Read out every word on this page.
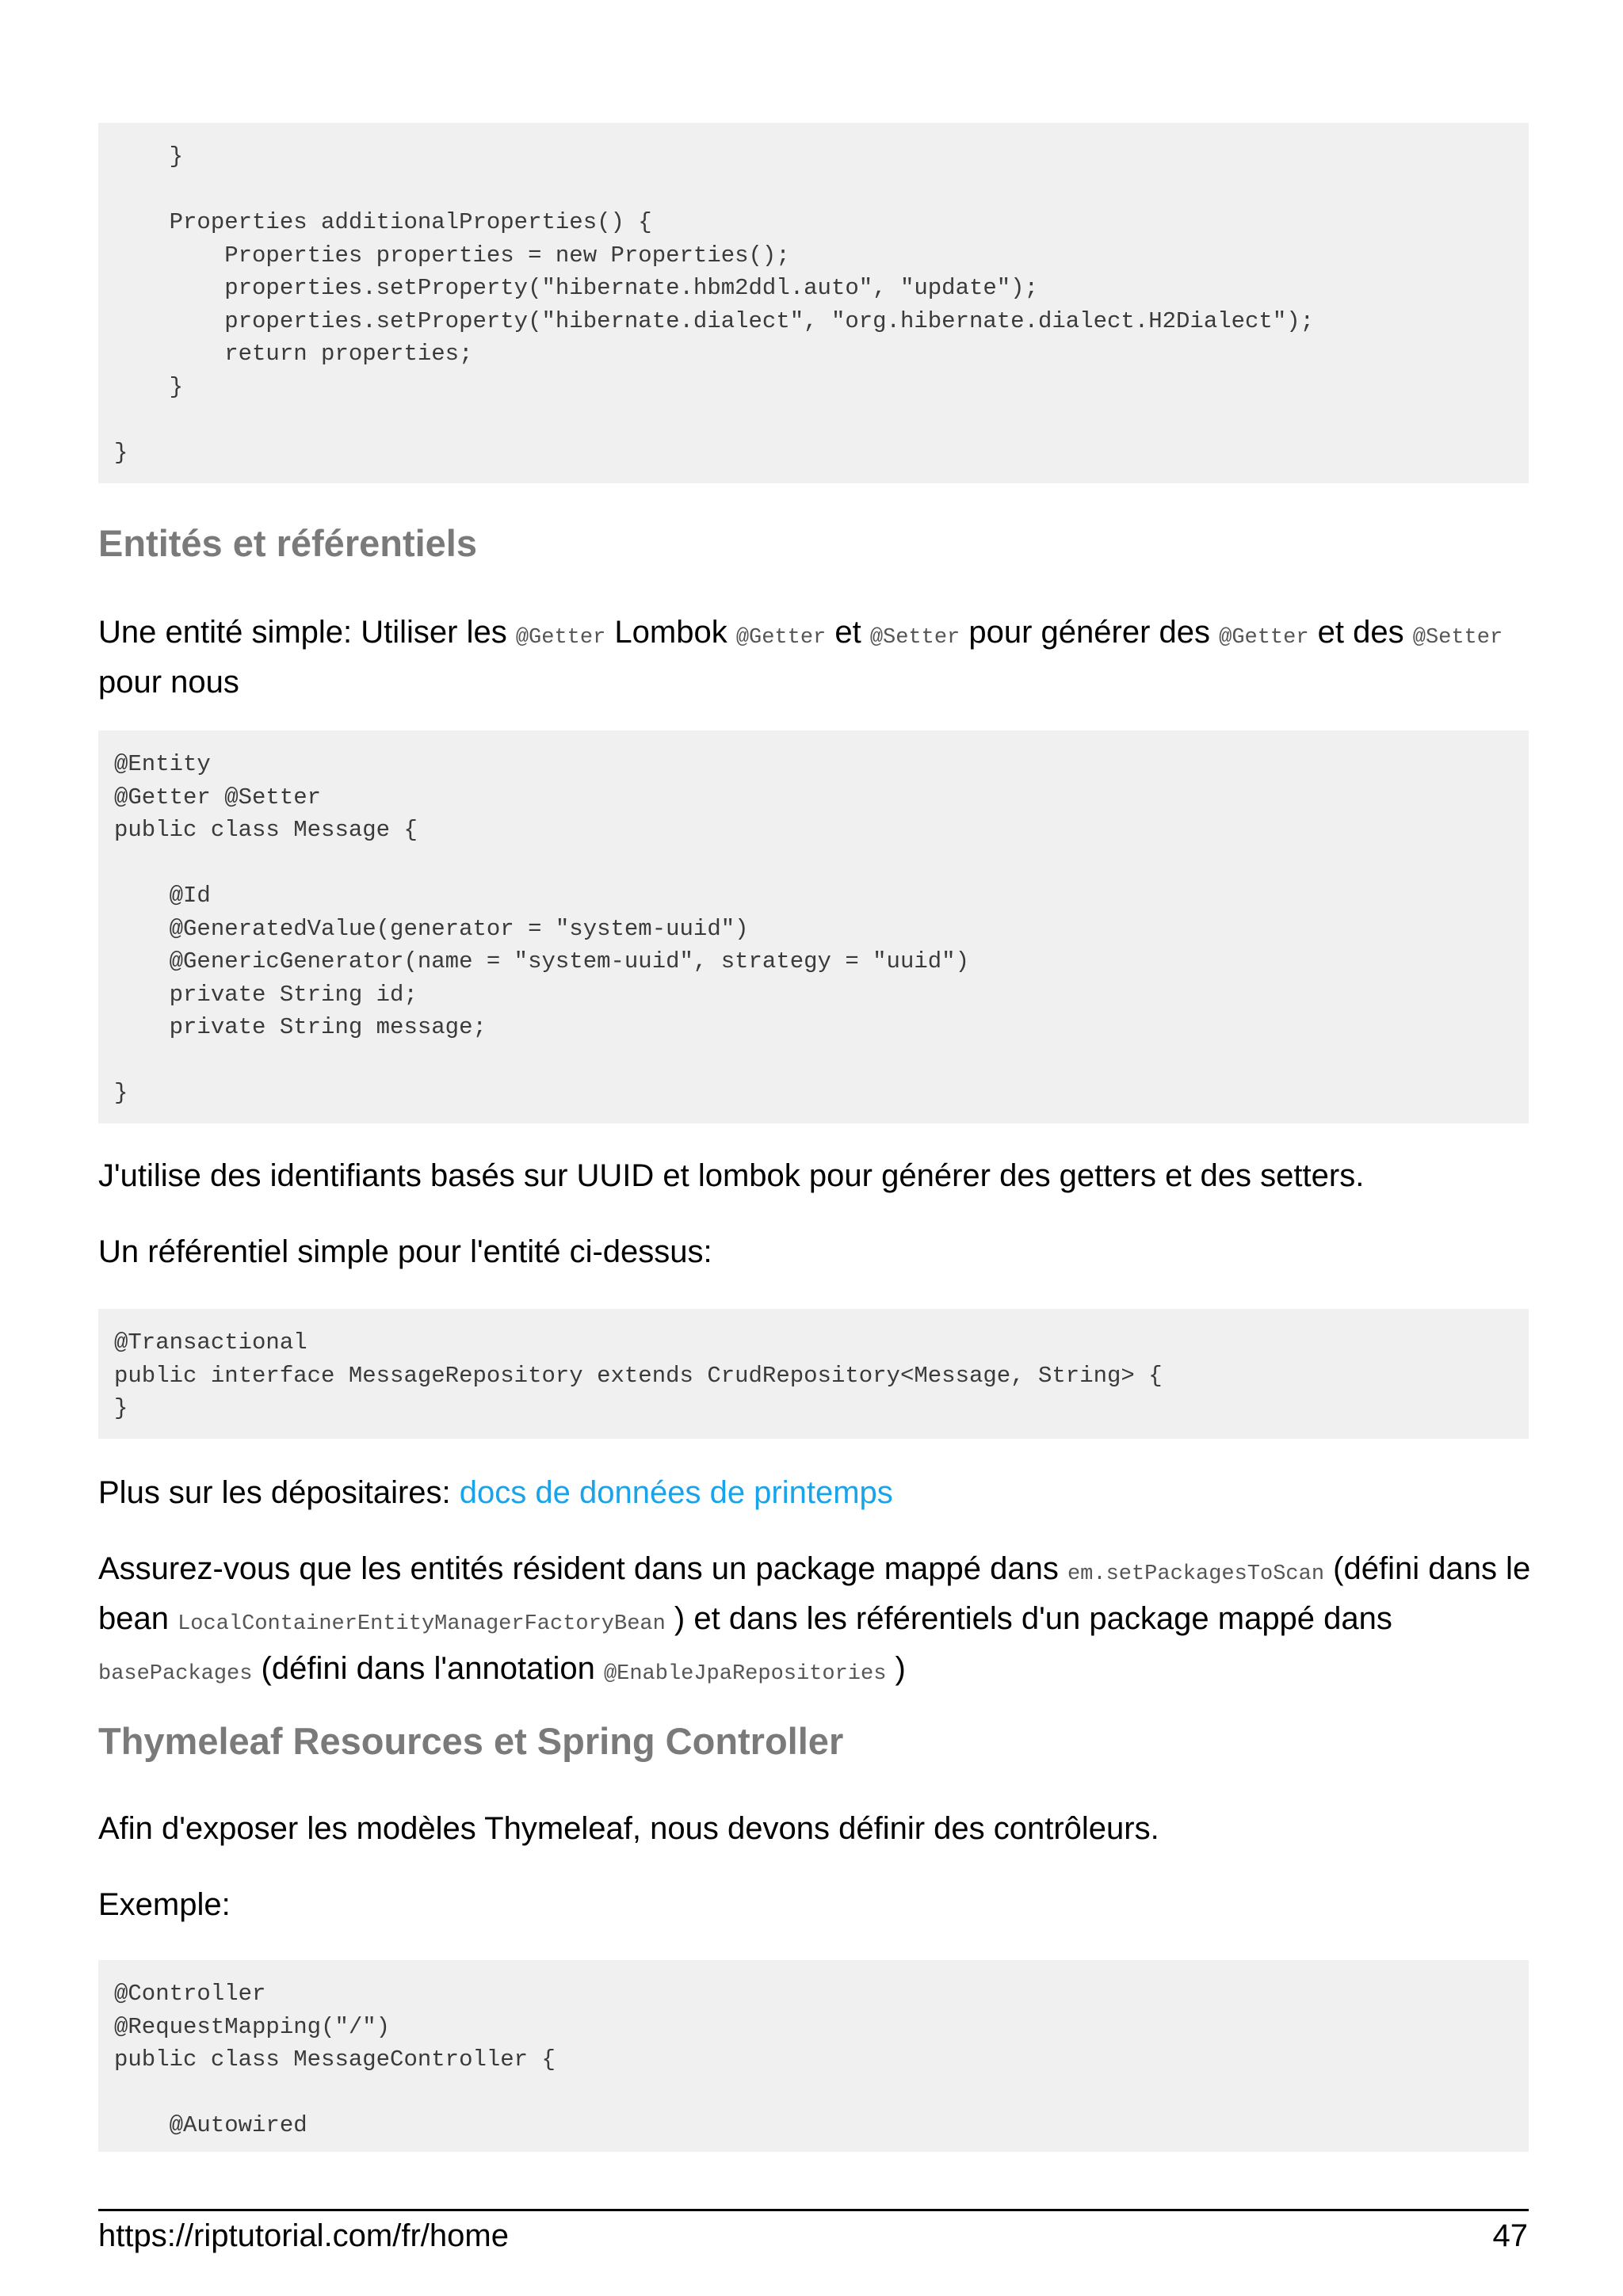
}

Properties additionalProperties() {
Properties properties = new Properties();
properties.setProperty("hibernate.hbm2ddl.auto", "update");
properties.setProperty("hibernate.dialect", "org.hibernate.dialect.H2Dialect");
return properties;
}

}
Entités et référentiels

Une entité simple: Utiliser les @Getter Lombok @Getter et @Setter pour générer des @Getter et des @Setter pour nous

@Entity
@Getter @Setter
public class Message {

@Id
@GeneratedValue(generator = "system-uuid")
@GenericGenerator(name = "system-uuid", strategy = "uuid")
private String id;
private String message;

}

J'utilise des identifiants basés sur UUID et lombok pour générer des getters et des setters.

Un référentiel simple pour l'entité ci-dessus:

@Transactional
public interface MessageRepository extends CrudRepository<Message, String> {
}

Plus sur les dépositaires: docs de données de printemps

Assurez-vous que les entités résident dans un package mappé dans em.setPackagesToScan (défini dans le bean LocalContainerEntityManagerFactoryBean ) et dans les référentiels d'un package mappé dans basePackages (défini dans l'annotation @EnableJpaRepositories )

Thymeleaf Resources et Spring Controller

Afin d'exposer les modèles Thymeleaf, nous devons définir des contrôleurs.

Exemple:

@Controller
@RequestMapping("/")
public class MessageController {

@Autowired
https://riptutorial.com/fr/home	47
